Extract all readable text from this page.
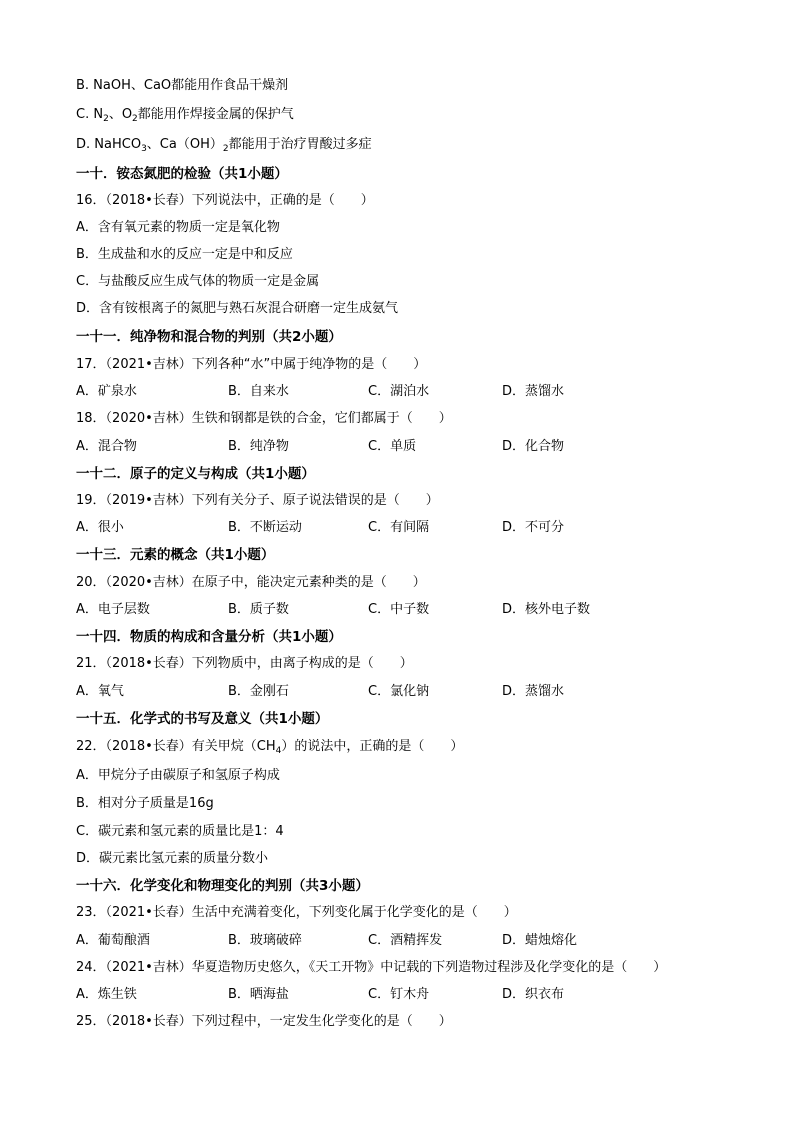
B. NaOH、CaO都能用作食品干燥剂
C. $N_2$、$O_2$都能用作焊接金属的保护气
D. NaHCO$_3$、$Ca(OH)_2$都能用于治疗胃酸过多症
一十．铵态氮肥的检验（共1小题）
16．（2018•长春）下列说法中，正确的是（　　）
A．含有氧元素的物质一定是氧化物
B．生成盐和水的反应一定是中和反应
C．与盐酸反应生成气体的物质一定是金属
D．含有铵根离子的氮肥与熟石灰混合研磨一定生成氨气
一十一．纯净物和混合物的判别（共2小题）
17．（2021•吉林）下列各种“水”中属于纯净物的是（　　）
A．矿泉水	B．自来水	C．湖泊水	D．蒸馏水
18．（2020•吉林）生铁和钢都是铁的合金，它们都属于（　　）
A．混合物	B．纯净物	C．单质	D．化合物
一十二．原子的定义与构成（共1小题）
19．（2019•吉林）下列有关分子、原子说法错误的是（　　）
A．很小	B．不断运动	C．有间隔	D．不可分
一十三．元素的概念（共1小题）
20．（2020•吉林）在原子中，能决定元素种类的是（　　）
A．电子层数	B．质子数	C．中子数	D．核外电子数
一十四．物质的构成和含量分析（共1小题）
21．（2018•长春）下列物质中，由离子构成的是（　　）
A．氧气	B．金刚石	C．氯化钠	D．蒸馏水
一十五．化学式的书写及意义（共1小题）
22．（2018•长春）有关甲烷$(CH_4)$的说法中，正确的是（　　）
A．甲烷分子由碳原子和氢原子构成
B．相对分子质量是16g
C．碳元素和氢元素的质量比是1：4
D．碳元素比氢元素的质量分数小
一十六．化学变化和物理变化的判别（共3小题）
23．（2021•长春）生活中充满着变化，下列变化属于化学变化的是（　　）
A．葡萄酿酒	B．玻璃破碎	C．酒精挥发	D．蜡烛熔化
24．（2021•吉林）华夏造物历史悠久，《天工开物》中记载的下列造物过程涉及化学变化的是（　　）
A．炼生铁	B．晒海盐	C．钉木舟	D．织衣布
25．（2018•长春）下列过程中，一定发生化学变化的是（　　）
